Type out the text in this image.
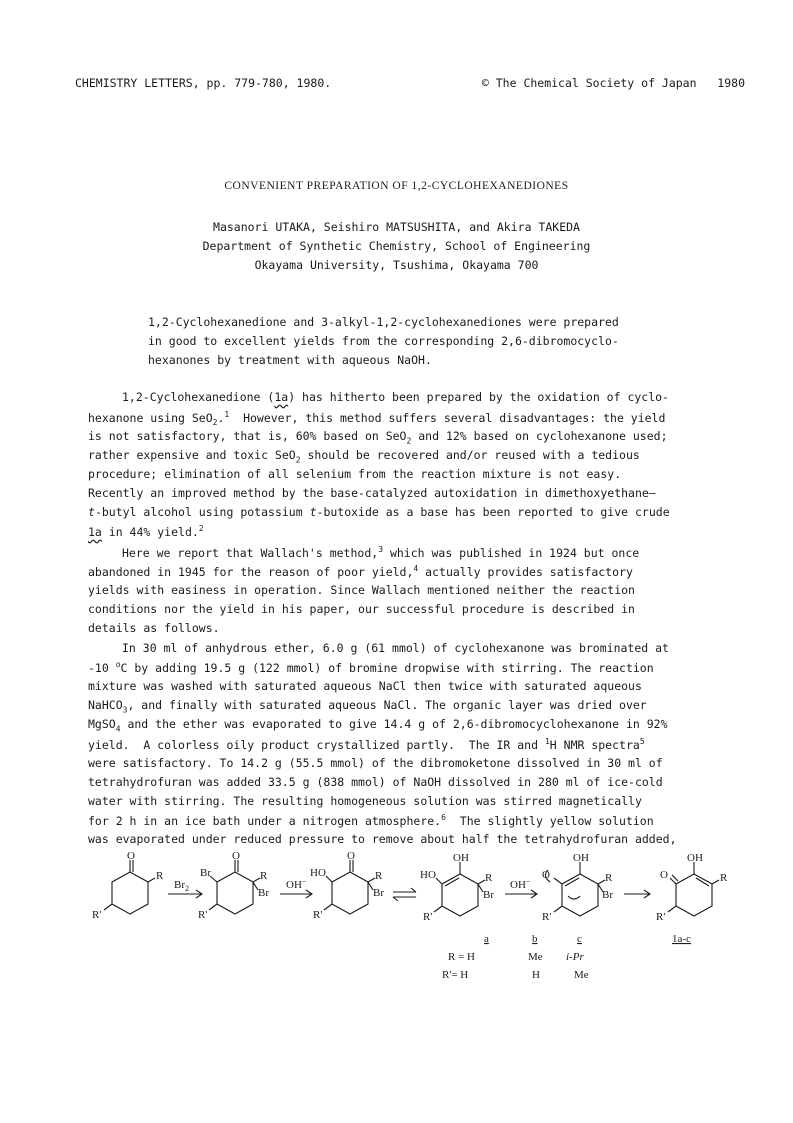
CHEMISTRY LETTERS, pp. 779-780, 1980.	© The Chemical Society of Japan   1980
CONVENIENT PREPARATION OF 1,2-CYCLOHEXANEDIONES
Masanori UTAKA, Seishiro MATSUSHITA, and Akira TAKEDA
Department of Synthetic Chemistry, School of Engineering
Okayama University, Tsushima, Okayama 700
1,2-Cyclohexanedione and 3-alkyl-1,2-cyclohexanediones were prepared
in good to excellent yields from the corresponding 2,6-dibromocyclo-
hexanones by treatment with aqueous NaOH.
1,2-Cyclohexanedione (1a) has hitherto been prepared by the oxidation of cyclo-
hexanone using SeO$_2$.$^1$  However, this method suffers several disadvantages: the yield
is not satisfactory, that is, 60% based on SeO$_2$ and 12% based on cyclohexanone used;
rather expensive and toxic SeO$_2$ should be recovered and/or reused with a tedious
procedure; elimination of all selenium from the reaction mixture is not easy.
Recently an improved method by the base-catalyzed autoxidation in dimethoxyethane—
t-butyl alcohol using potassium t-butoxide as a base has been reported to give crude
1a in 44% yield.$^2$
Here we report that Wallach's method,$^3$ which was published in 1924 but once
abandoned in 1945 for the reason of poor yield,$^4$ actually provides satisfactory
yields with easiness in operation. Since Wallach mentioned neither the reaction
conditions nor the yield in his paper, our successful procedure is described in
details as follows.
In 30 ml of anhydrous ether, 6.0 g (61 mmol) of cyclohexanone was brominated at
-10 $^o$C by adding 19.5 g (122 mmol) of bromine dropwise with stirring. The reaction
mixture was washed with saturated aqueous NaCl then twice with saturated aqueous
NaHCO$_3$, and finally with saturated aqueous NaCl. The organic layer was dried over
MgSO$_4$ and the ether was evaporated to give 14.4 g of 2,6-dibromocyclohexanone in 92%
yield.  A colorless oily product crystallized partly.  The IR and $^1$H NMR spectra$^5$
were satisfactory. To 14.2 g (55.5 mmol) of the dibromoketone dissolved in 30 ml of
tetrahydrofuran was added 33.5 g (838 mmol) of NaOH dissolved in 280 ml of ice-cold
water with stirring. The resulting homogeneous solution was stirred magnetically
for 2 h in an ice bath under a nitrogen atmosphere.$^6$  The slightly yellow solution
was evaporated under reduced pressure to remove about half the tetrahydrofuran added,
O
R
R'
$Br_2$
O
Br	R
Br
R'
OH−
O
HO	R
Br
R'
OH
HO	R
Br
R'
OH−
OH
O	R
Br
R'
OH
O	R
R'
1a-c
a	b	c
R = H	Me i-Pr
R'= H	H	Me
